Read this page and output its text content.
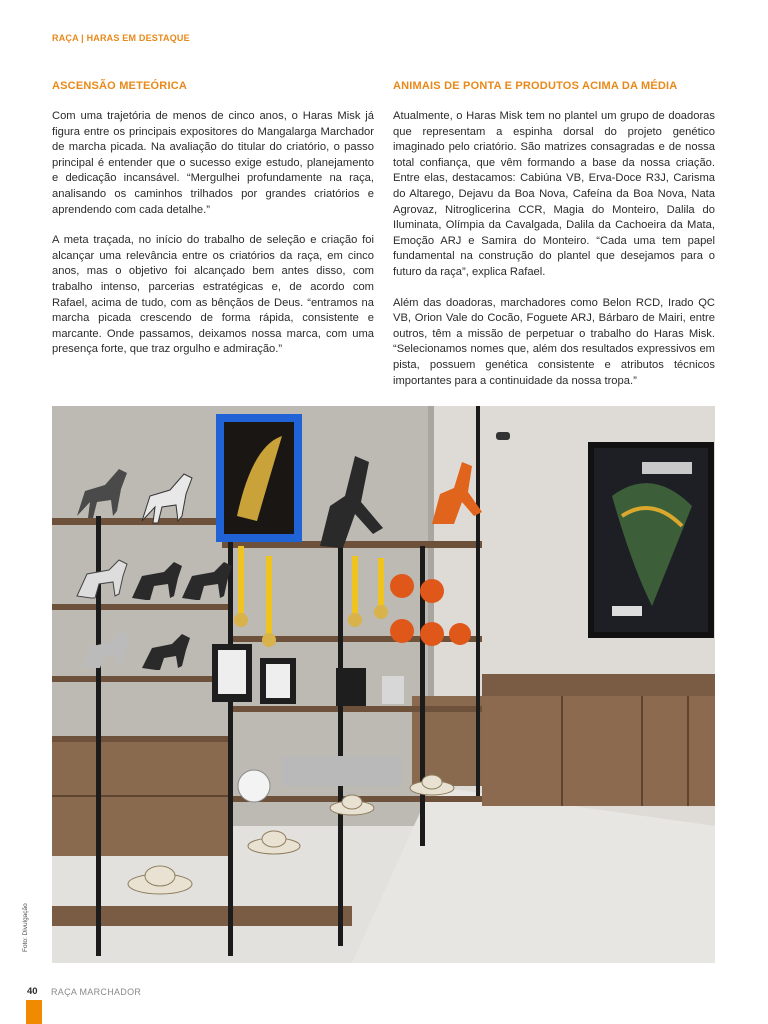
RAÇA | HARAS EM DESTAQUE
ASCENSÃO METEÓRICA

Com uma trajetória de menos de cinco anos, o Haras Misk já figura entre os principais expositores do Mangalarga Marchador de marcha picada. Na avaliação do titular do criatório, o passo principal é entender que o sucesso exige estudo, planejamento e dedicação incansável. “Mergulhei profundamente na raça, analisando os caminhos trilhados por grandes criatórios e aprendendo com cada detalhe.”

A meta traçada, no início do trabalho de seleção e criação foi alcançar uma relevância entre os criatórios da raça, em cinco anos, mas o objetivo foi alcançado bem antes disso, com trabalho intenso, parcerias estratégicas e, de acordo com Rafael, acima de tudo, com as bênçãos de Deus. “entramos na marcha picada crescendo de forma rápida, consistente e marcante. Onde passamos, deixamos nossa marca, com uma presença forte, que traz orgulho e admiração.”

ANIMAIS DE PONTA E PRODUTOS ACIMA DA MÉDIA

Atualmente, o Haras Misk tem no plantel um grupo de doadoras que representam a espinha dorsal do projeto genético imaginado pelo criatório. São matrizes consagradas e de nossa total confiança, que vêm formando a base da nossa criação. Entre elas, destacamos: Cabiúna VB, Erva-Doce R3J, Carisma do Altarego, Dejavu da Boa Nova, Cafeína da Boa Nova, Nata Agrovaz, Nitroglicerina CCR, Magia do Monteiro, Dalila do Iluminata, Olímpia da Cavalgada, Dalila da Cachoeira da Mata, Emoção ARJ e Samira do Monteiro. “Cada uma tem papel fundamental na construção do plantel que desejamos para o futuro da raça”, explica Rafael.

Além das doadoras, marchadores como Belon RCD, Irado QC VB, Orion Vale do Cocão, Foguete ARJ, Bárbaro de Mairi, entre outros, têm a missão de perpetuar o trabalho do Haras Misk. “Selecionamos nomes que, além dos resultados expressivos em pista, possuem genética consistente e atributos técnicos importantes para a continuidade da nossa tropa.”

Foto: Divulgação
40 RAÇA MARCHADOR
